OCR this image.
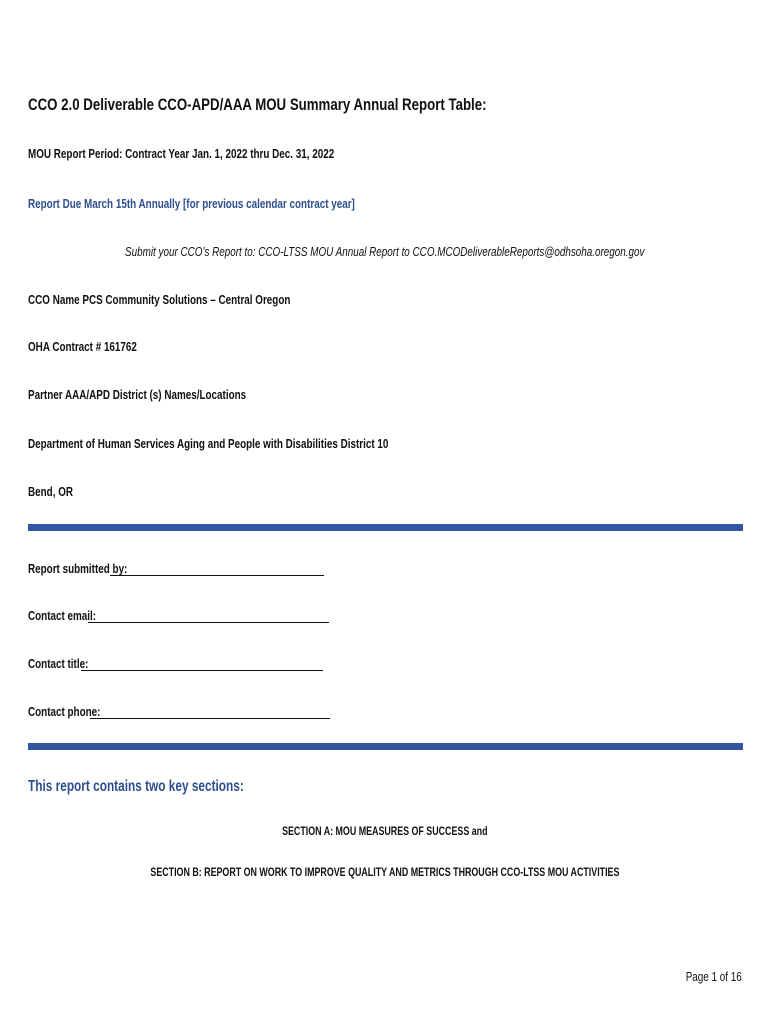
CCO 2.0 Deliverable CCO-APD/AAA MOU Summary Annual Report Table:
MOU Report Period: Contract Year Jan. 1, 2022 thru Dec. 31, 2022
Report Due March 15th Annually [for previous calendar contract year]
Submit your CCO’s Report to: CCO-LTSS MOU Annual Report to CCO.MCODeliverableReports@odhsoha.oregon.gov
CCO Name PCS Community Solutions – Central Oregon
OHA Contract # 161762
Partner AAA/APD District (s) Names/Locations
Department of Human Services Aging and People with Disabilities District 10
Bend, OR
Report submitted by:
Contact email:
Contact title:
Contact phone:
This report contains two key sections:
SECTION A: MOU MEASURES OF SUCCESS and
SECTION B: REPORT ON WORK TO IMPROVE QUALITY AND METRICS THROUGH CCO-LTSS MOU ACTIVITIES
Page 1 of 16
